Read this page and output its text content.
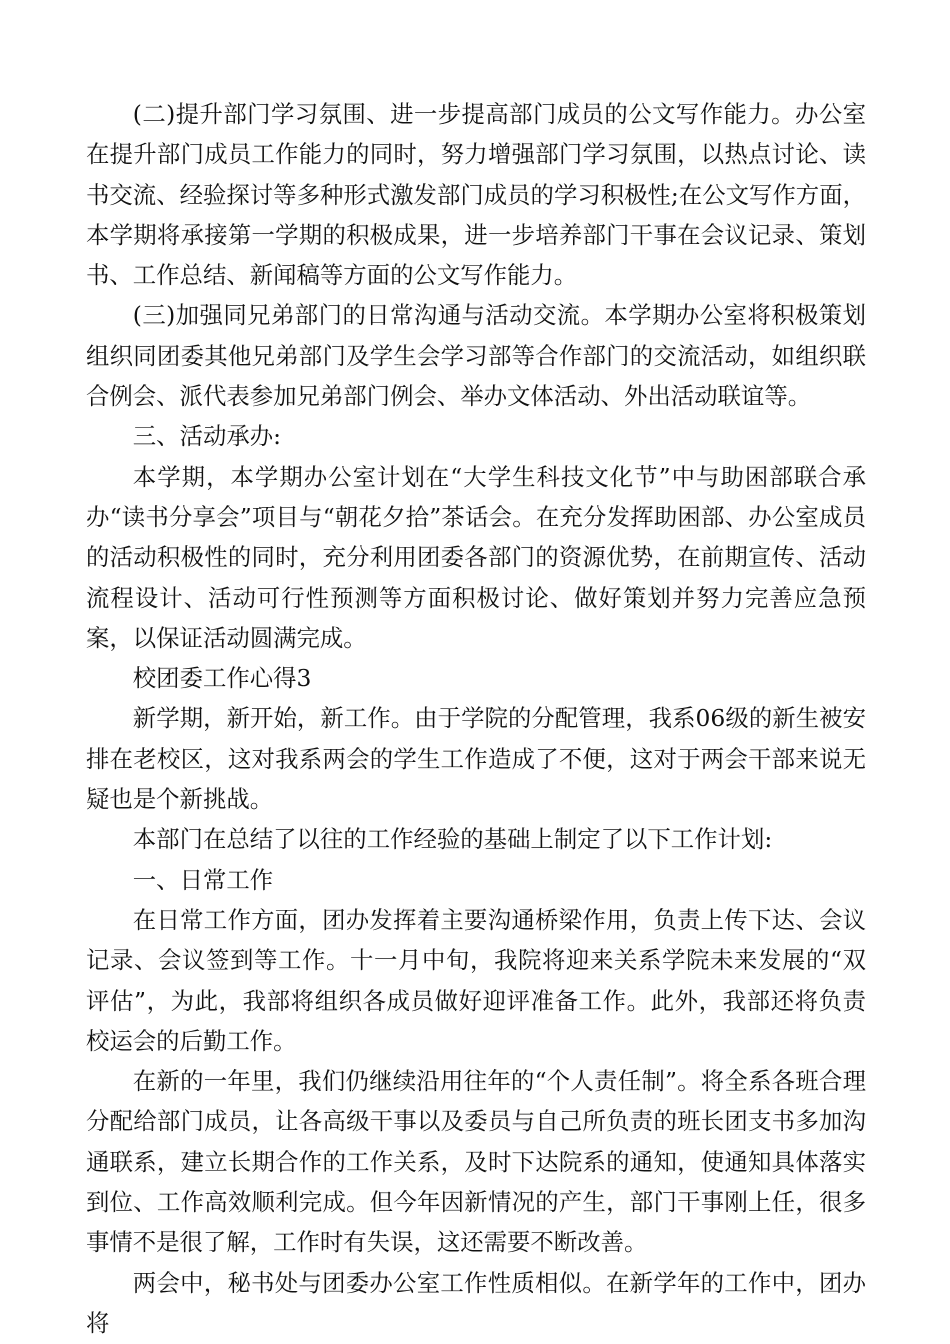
(二)提升部门学习氛围、进一步提高部门成员的公文写作能力。办公室在提升部门成员工作能力的同时，努力增强部门学习氛围，以热点讨论、读书交流、经验探讨等多种形式激发部门成员的学习积极性;在公文写作方面，本学期将承接第一学期的积极成果，进一步培养部门干事在会议记录、策划书、工作总结、新闻稿等方面的公文写作能力。

(三)加强同兄弟部门的日常沟通与活动交流。本学期办公室将积极策划组织同团委其他兄弟部门及学生会学习部等合作部门的交流活动，如组织联合例会、派代表参加兄弟部门例会、举办文体活动、外出活动联谊等。

三、活动承办:

本学期，本学期办公室计划在“大学生科技文化节”中与助困部联合承办“读书分享会”项目与“朝花夕拾”茶话会。在充分发挥助困部、办公室成员的活动积极性的同时，充分利用团委各部门的资源优势，在前期宣传、活动流程设计、活动可行性预测等方面积极讨论、做好策划并努力完善应急预案，以保证活动圆满完成。

校团委工作心得3

新学期，新开始，新工作。由于学院的分配管理，我系06级的新生被安排在老校区，这对我系两会的学生工作造成了不便，这对于两会干部来说无疑也是个新挑战。

本部门在总结了以往的工作经验的基础上制定了以下工作计划:

一、日常工作

在日常工作方面，团办发挥着主要沟通桥梁作用，负责上传下达、会议记录、会议签到等工作。十一月中旬，我院将迎来关系学院未来发展的“双评估”，为此，我部将组织各成员做好迎评准备工作。此外，我部还将负责校运会的后勤工作。

在新的一年里，我们仍继续沿用往年的“个人责任制”。将全系各班合理分配给部门成员，让各高级干事以及委员与自己所负责的班长团支书多加沟通联系，建立长期合作的工作关系，及时下达院系的通知，使通知具体落实到位、工作高效顺利完成。但今年因新情况的产生，部门干事刚上任，很多事情不是很了解，工作时有失误，这还需要不断改善。

两会中，秘书处与团委办公室工作性质相似。在新学年的工作中，团办将
